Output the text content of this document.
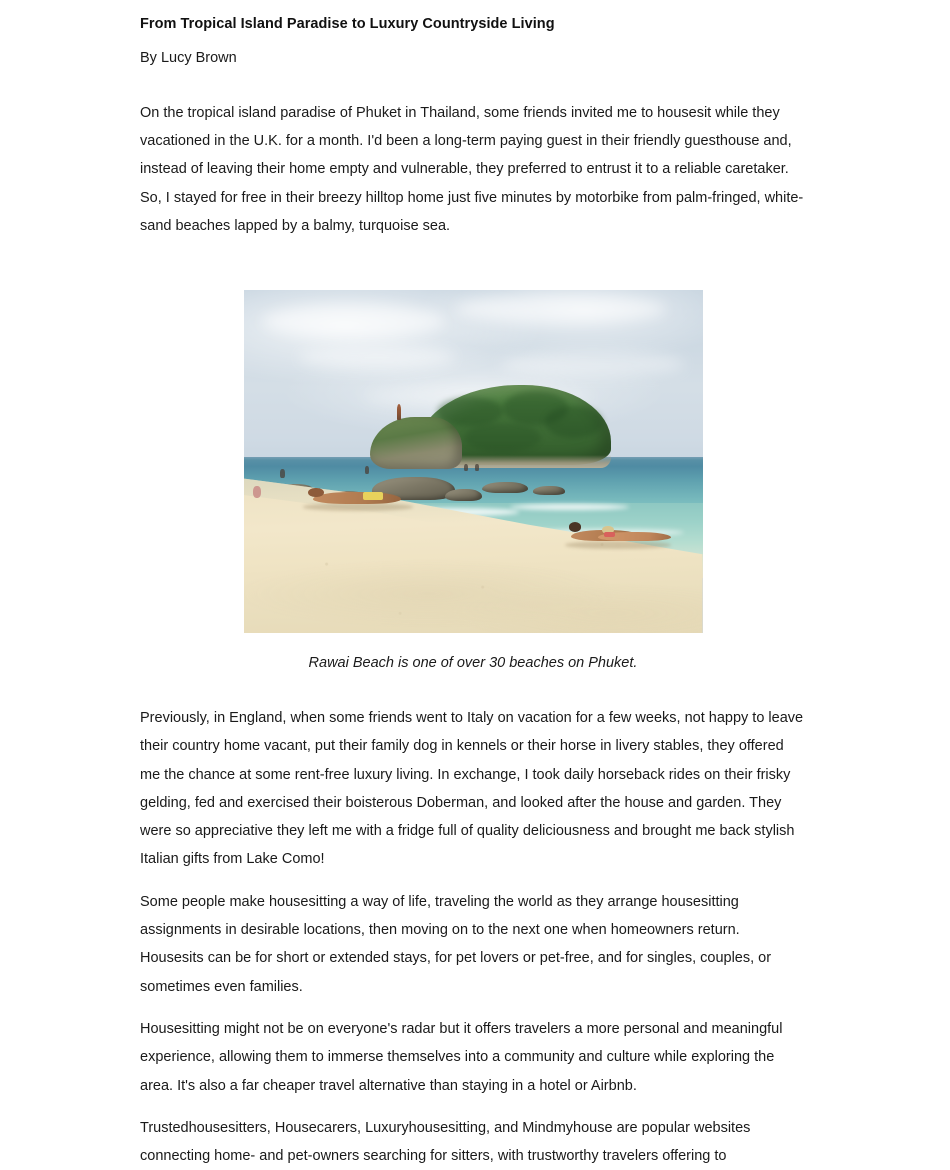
From Tropical Island Paradise to Luxury Countryside Living
By Lucy Brown

On the tropical island paradise of Phuket in Thailand, some friends invited me to housesit while they vacationed in the U.K. for a month. I'd been a long-term paying guest in their friendly guesthouse and, instead of leaving their home empty and vulnerable, they preferred to entrust it to a reliable caretaker. So, I stayed for free in their breezy hilltop home just five minutes by motorbike from palm-fringed, white-sand beaches lapped by a balmy, turquoise sea.

Rawai Beach is one of over 30 beaches on Phuket.

Previously, in England, when some friends went to Italy on vacation for a few weeks, not happy to leave their country home vacant, put their family dog in kennels or their horse in livery stables, they offered me the chance at some rent-free luxury living. In exchange, I took daily horseback rides on their frisky gelding, fed and exercised their boisterous Doberman, and looked after the house and garden. They were so appreciative they left me with a fridge full of quality deliciousness and brought me back stylish Italian gifts from Lake Como!

Some people make housesitting a way of life, traveling the world as they arrange housesitting assignments in desirable locations, then moving on to the next one when homeowners return. Housesits can be for short or extended stays, for pet lovers or pet-free, and for singles, couples, or sometimes even families.

Housesitting might not be on everyone's radar but it offers travelers a more personal and meaningful experience, allowing them to immerse themselves into a community and culture while exploring the area. It's also a far cheaper travel alternative than staying in a hotel or Airbnb.

Trustedhousesitters, Housecarers, Luxuryhousesitting, and Mindmyhouse are popular websites connecting home- and pet-owners searching for sitters, with trustworthy travelers offering to
